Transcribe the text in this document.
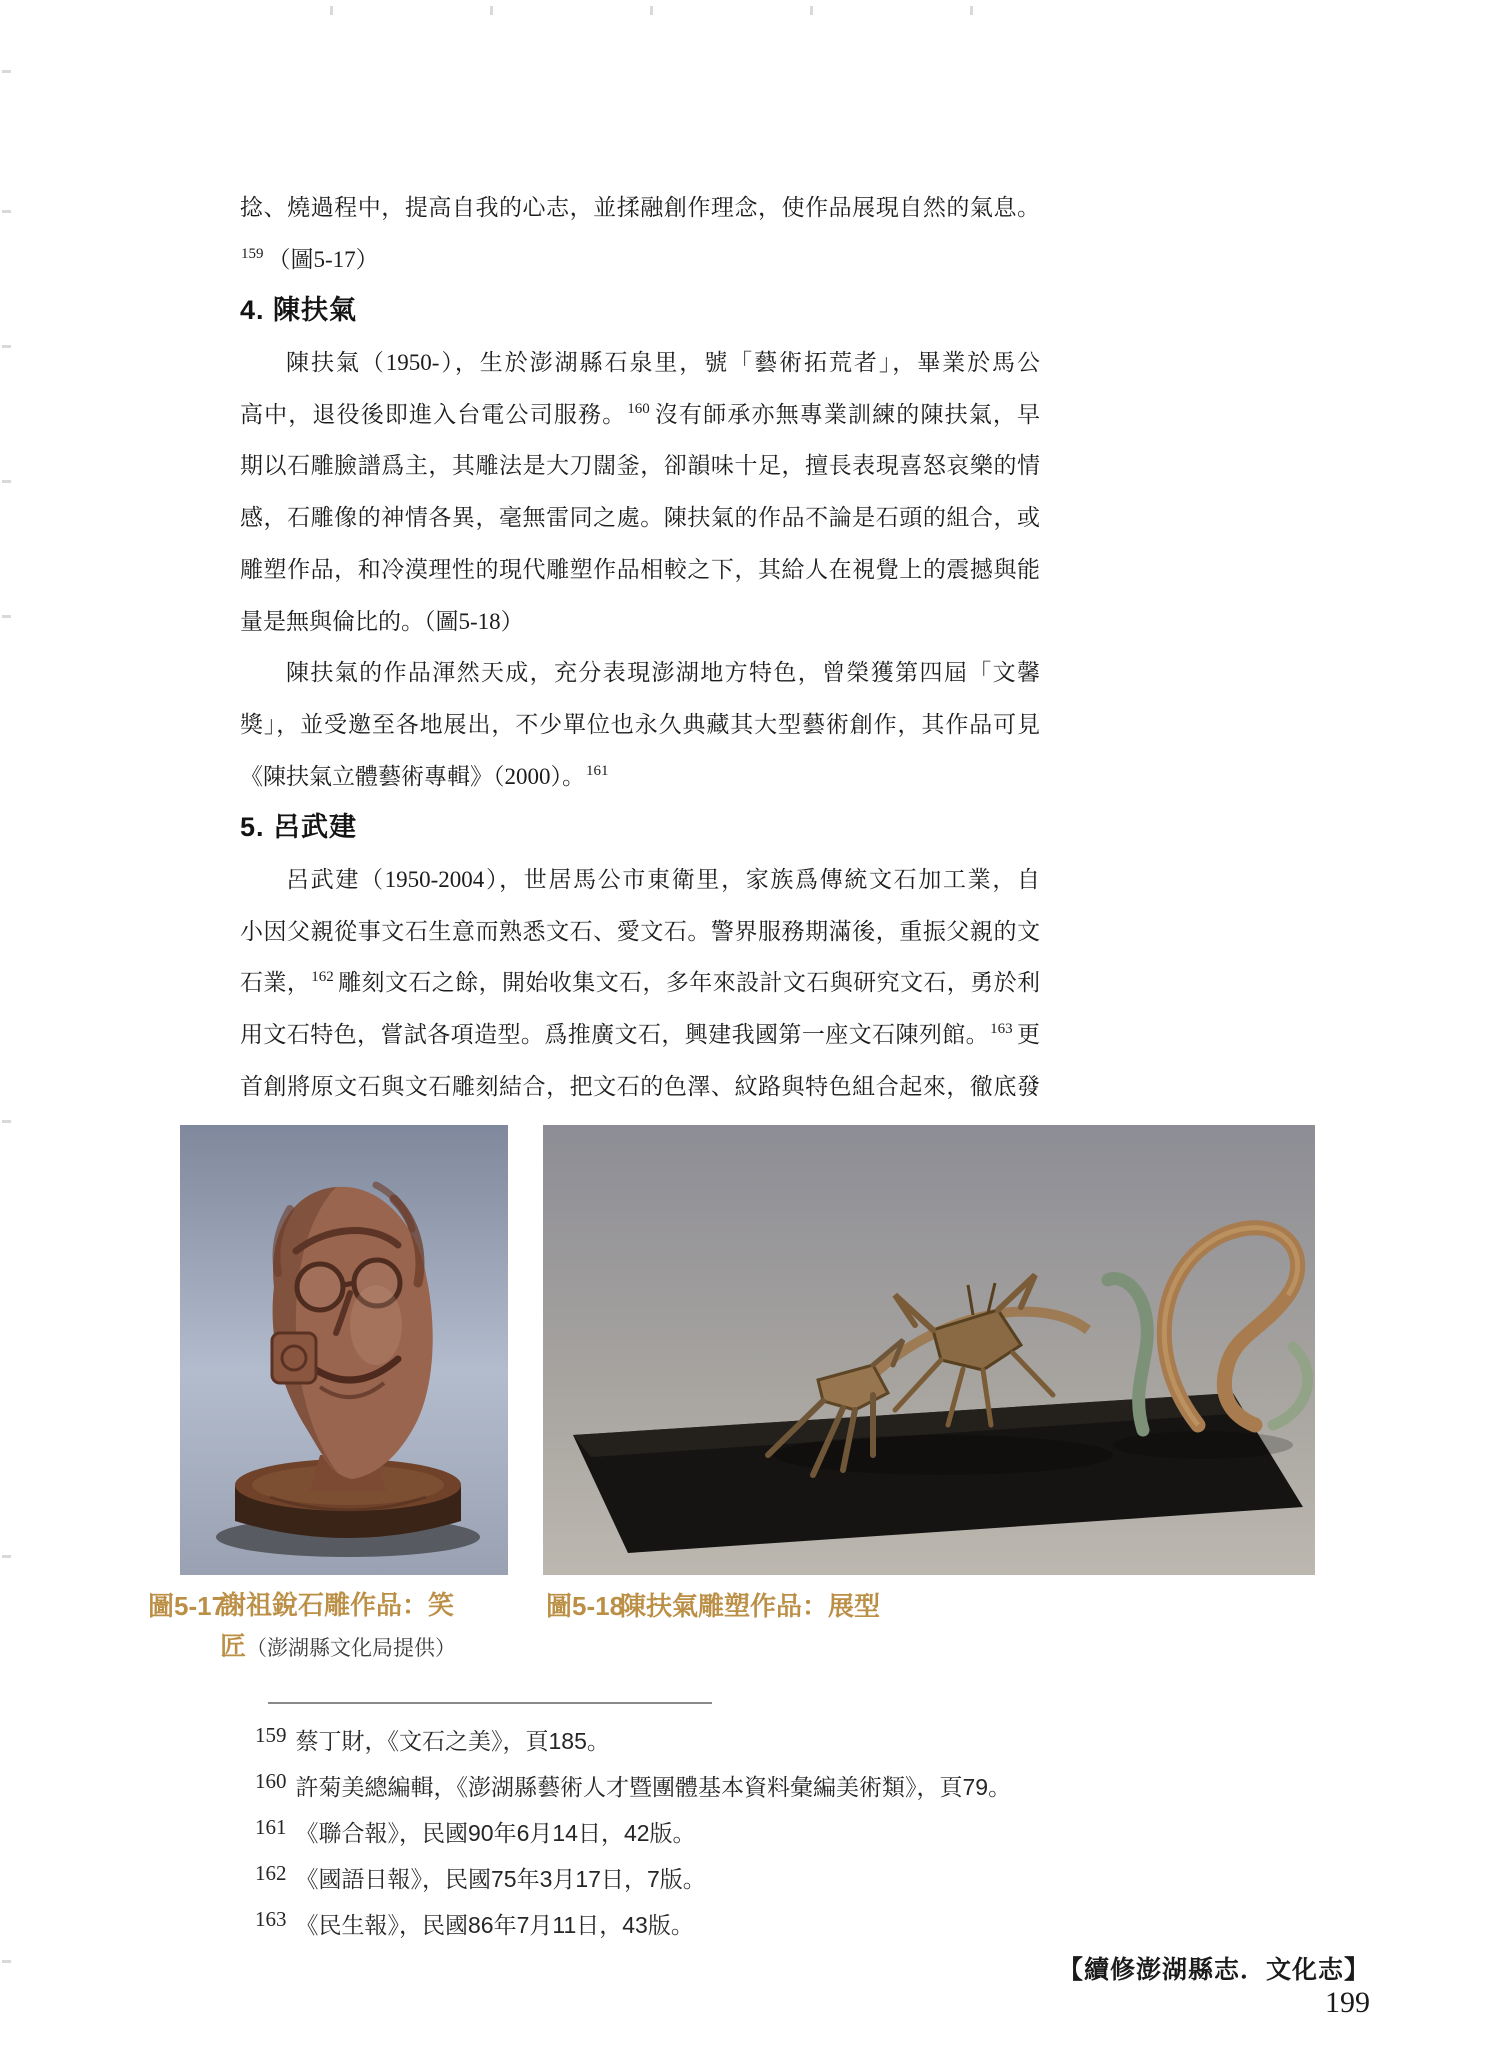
捻、燒過程中，提高自我的心志，並揉融創作理念，使作品展現自然的氣息。
$^{159}$ （圖5-17）
4. 陳扶氣
陳扶氣（1950-），生於澎湖縣石泉里，號「藝術拓荒者」，畢業於馬公
高中，退役後即進入台電公司服務。$^{160}$ 沒有師承亦無專業訓練的陳扶氣，早
期以石雕臉譜爲主，其雕法是大刀闊釜，卻韻味十足，擅長表現喜怒哀樂的情
感，石雕像的神情各異，毫無雷同之處。陳扶氣的作品不論是石頭的組合，或
雕塑作品，和冷漠理性的現代雕塑作品相較之下，其給人在視覺上的震撼與能
量是無與倫比的。（圖5-18）
陳扶氣的作品渾然天成，充分表現澎湖地方特色，曾榮獲第四屆「文馨
獎」，並受邀至各地展出，不少單位也永久典藏其大型藝術創作，其作品可見
《陳扶氣立體藝術專輯》（2000）。$^{161}$
5. 呂武建
呂武建（1950-2004），世居馬公市東衛里，家族爲傳統文石加工業，自
小因父親從事文石生意而熟悉文石、愛文石。警界服務期滿後，重振父親的文
石業，$^{162}$ 雕刻文石之餘，開始收集文石，多年來設計文石與研究文石，勇於利
用文石特色，嘗試各項造型。爲推廣文石，興建我國第一座文石陳列館。$^{163}$ 更
首創將原文石與文石雕刻結合，把文石的色澤、紋路與特色組合起來，徹底發
圖5-17
謝祖銳石雕作品：笑匠（澎湖縣文化局提供）
圖5-18
陳扶氣雕塑作品：展型
159 蔡丁財，《文石之美》，頁185。
160 許菊美總編輯，《澎湖縣藝術人才暨團體基本資料彙編美術類》，頁79。
161 《聯合報》，民國90年6月14日，42版。
162 《國語日報》，民國75年3月17日，7版。
163 《民生報》，民國86年7月11日，43版。
【續修澎湖縣志．文化志】199
